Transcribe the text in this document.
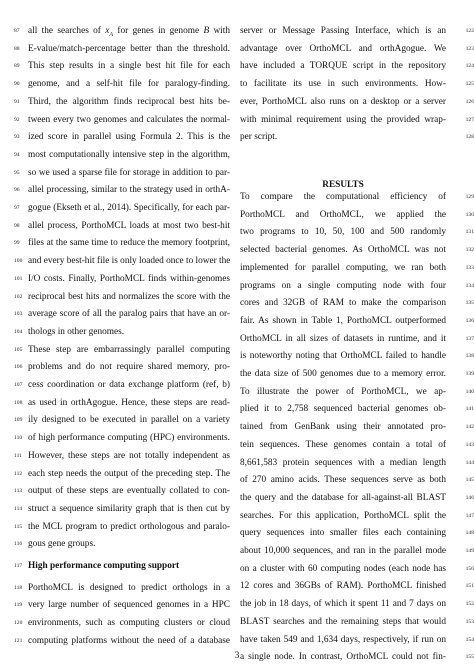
87 all the searches of $x_A$ for genes in genome B with
88 E-value/match-percentage better than the threshold.
89 This step results in a single best hit file for each
90 genome, and a self-hit file for paralogy-finding.
91 Third, the algorithm finds reciprocal best hits be-
92 tween every two genomes and calculates the normal-
93 ized score in parallel using Formula 2. This is the
94 most computationally intensive step in the algorithm,
95 so we used a sparse file for storage in addition to par-
96 allel processing, similar to the strategy used in orthA-
97 gogue (Ekseth et al., 2014). Specifically, for each par-
98 allel process, PorthoMCL loads at most two best-hit
99 files at the same time to reduce the memory footprint,
100 and every best-hit file is only loaded once to lower the
101 I/O costs. Finally, PorthoMCL finds within-genomes
102 reciprocal best hits and normalizes the score with the
103 average score of all the paralog pairs that have an or-
104 thologs in other genomes.
105 These step are embarrassingly parallel computing
106 problems and do not require shared memory, pro-
107 cess coordination or data exchange platform (ref, b)
108 as used in orthAgogue. Hence, these steps are read-
109 ily designed to be executed in parallel on a variety
110 of high performance computing (HPC) environments.
111 However, these steps are not totally independent as
112 each step needs the output of the preceding step. The
113 output of these steps are eventually collated to con-
114 struct a sequence similarity graph that is then cut by
115 the MCL program to predict orthologous and paralo-
116 gous gene groups.
117 High performance computing support
118 PorthoMCL is designed to predict orthologs in a
119 very large number of sequenced genomes in a HPC
120 environments, such as computing clusters or cloud
121 computing platforms without the need of a database
122
server or Message Passing Interface, which is an
123
advantage over OrthoMCL and orthAgogue. We
124
have included a TORQUE script in the repository
125
to facilitate its use in such environments. How-
126
ever, PorthoMCL also runs on a desktop or a server
127
with minimal requirement using the provided wrap-
128
per script.
RESULTS
129
To compare the computational efficiency of
130
PorthoMCL and OrthoMCL, we applied the
131
two programs to 10, 50, 100 and 500 randomly
132
selected bacterial genomes. As OrthoMCL was not
133
implemented for parallel computing, we ran both
134
programs on a single computing node with four
135
cores and 32GB of RAM to make the comparison
136
fair. As shown in Table 1, PorthoMCL outperformed
137
OrthoMCL in all sizes of datasets in runtime, and it
138
is noteworthy noting that OrthoMCL failed to handle
139
the data size of 500 genomes due to a memory error.
140
To illustrate the power of PorthoMCL, we ap-
141
plied it to 2,758 sequenced bacterial genomes ob-
142
tained from GenBank using their annotated pro-
143
tein sequences. These genomes contain a total of
144
8,661,583 protein sequences with a median length
145
of 270 amino acids. These sequences serve as both
146
the query and the database for all-against-all BLAST
147
searches. For this application, PorthoMCL split the
148
query sequences into smaller files each containing
149
about 10,000 sequences, and ran in the parallel mode
150
on a cluster with 60 computing nodes (each node has
151
12 cores and 36GBs of RAM). PorthoMCL finished
152
the job in 18 days, of which it spent 11 and 7 days on
153
BLAST searches and the remaining steps that would
154
have taken 549 and 1,634 days, respectively, if run on
155
a single node. In contrast, OrthoMCL could not fin-
3
